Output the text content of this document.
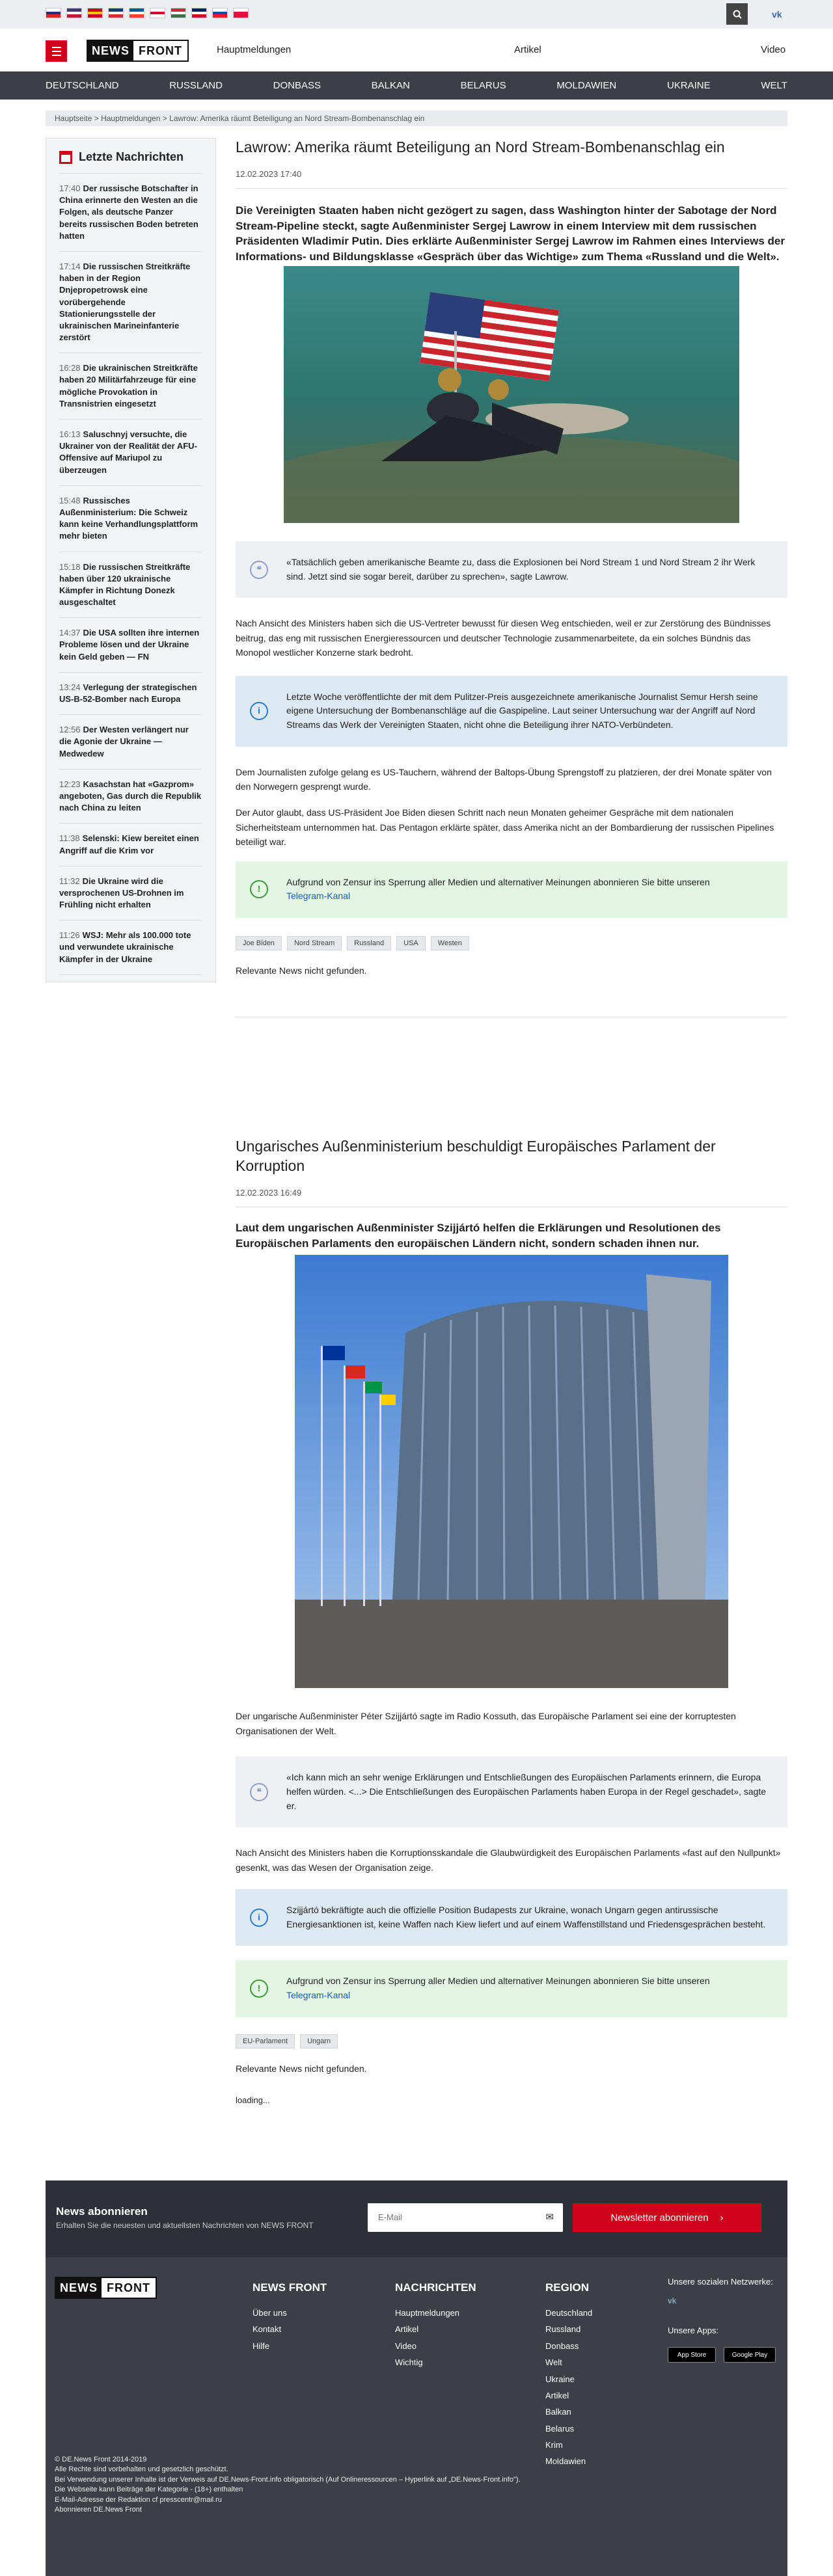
vk
NEWS FRONT	Hauptmeldungen	Artikel	Video
DEUTSCHLAND	RUSSLAND	DONBASS	BALKAN	BELARUS	MOLDAWIEN	UKRAINE	WELT
Hauptseite > Hauptmeldungen > Lawrow: Amerika räumt Beteiligung an Nord Stream-Bombenanschlag ein
Letzte Nachrichten
17:40 Der russische Botschafter in China erinnerte den Westen an die Folgen, als deutsche Panzer bereits russischen Boden betreten hatten
17:14 Die russischen Streitkräfte haben in der Region Dnjepropetrowsk eine vorübergehende Stationierungsstelle der ukrainischen Marineinfanterie zerstört
16:28 Die ukrainischen Streitkräfte haben 20 Militärfahrzeuge für eine mögliche Provokation in Transnistrien eingesetzt
16:13 Saluschnyj versuchte, die Ukrainer von der Realität der AFU-Offensive auf Mariupol zu überzeugen
15:48 Russisches Außenministerium: Die Schweiz kann keine Verhandlungsplattform mehr bieten
15:18 Die russischen Streitkräfte haben über 120 ukrainische Kämpfer in Richtung Donezk ausgeschaltet
14:37 Die USA sollten ihre internen Probleme lösen und der Ukraine kein Geld geben — FN
13:24 Verlegung der strategischen US-B-52-Bomber nach Europa
12:56 Der Westen verlängert nur die Agonie der Ukraine — Medwedew
12:23 Kasachstan hat «Gazprom» angeboten, Gas durch die Republik nach China zu leiten
11:38 Selenski: Kiew bereitet einen Angriff auf die Krim vor
11:32 Die Ukraine wird die versprochenen US-Drohnen im Frühling nicht erhalten
11:26 WSJ: Mehr als 100.000 tote und verwundete ukrainische Kämpfer in der Ukraine
Lawrow: Amerika räumt Beteiligung an Nord Stream-Bombenanschlag ein
12.02.2023 17:40

Die Vereinigten Staaten haben nicht gezögert zu sagen, dass Washington hinter der Sabotage der Nord Stream-Pipeline steckt, sagte Außenminister Sergej Lawrow in einem Interview mit dem russischen Präsidenten Wladimir Putin. Dies erklärte Außenminister Sergej Lawrow im Rahmen eines Interviews der Informations- und Bildungsklasse «Gespräch über das Wichtige» zum Thema «Russland und die Welt».

❝
«Tatsächlich geben amerikanische Beamte zu, dass die Explosionen bei Nord Stream 1 und Nord Stream 2 ihr Werk sind. Jetzt sind sie sogar bereit, darüber zu sprechen», sagte Lawrow.

Nach Ansicht des Ministers haben sich die US-Vertreter bewusst für diesen Weg entschieden, weil er zur Zerstörung des Bündnisses beitrug, das eng mit russischen Energieressourcen und deutscher Technologie zusammenarbeitete, da ein solches Bündnis das Monopol westlicher Konzerne stark bedroht.

i
Letzte Woche veröffentlichte der mit dem Pulitzer-Preis ausgezeichnete amerikanische Journalist Semur Hersh seine eigene Untersuchung der Bombenanschläge auf die Gaspipeline. Laut seiner Untersuchung war der Angriff auf Nord Streams das Werk der Vereinigten Staaten, nicht ohne die Beteiligung ihrer NATO-Verbündeten.

Dem Journalisten zufolge gelang es US-Tauchern, während der Baltops-Übung Sprengstoff zu platzieren, der drei Monate später von den Norwegern gesprengt wurde.

Der Autor glaubt, dass US-Präsident Joe Biden diesen Schritt nach neun Monaten geheimer Gespräche mit dem nationalen Sicherheitsteam unternommen hat. Das Pentagon erklärte später, dass Amerika nicht an der Bombardierung der russischen Pipelines beteiligt war.

!
Aufgrund von Zensur ins Sperrung aller Medien und alternativer Meinungen abonnieren Sie bitte unseren
Telegram-Kanal
Joe Biden	Nord Stream	Russland	USA	Westen

Relevante News nicht gefunden.

Ungarisches Außenministerium beschuldigt Europäisches Parlament der Korruption
12.02.2023 16:49

Laut dem ungarischen Außenminister Szijjártó helfen die Erklärungen und Resolutionen des Europäischen Parlaments den europäischen Ländern nicht, sondern schaden ihnen nur.

Der ungarische Außenminister Péter Szijjártó sagte im Radio Kossuth, das Europäische Parlament sei eine der korruptesten Organisationen der Welt.

❝
«Ich kann mich an sehr wenige Erklärungen und Entschließungen des Europäischen Parlaments erinnern, die Europa helfen würden. <...> Die Entschließungen des Europäischen Parlaments haben Europa in der Regel geschadet», sagte er.

Nach Ansicht des Ministers haben die Korruptionsskandale die Glaubwürdigkeit des Europäischen Parlaments «fast auf den Nullpunkt» gesenkt, was das Wesen der Organisation zeige.

i
Szijjártó bekräftigte auch die offizielle Position Budapests zur Ukraine, wonach Ungarn gegen antirussische Energiesanktionen ist, keine Waffen nach Kiew liefert und auf einem Waffenstillstand und Friedensgesprächen besteht.
!
Aufgrund von Zensur ins Sperrung aller Medien und alternativer Meinungen abonnieren Sie bitte unseren
Telegram-Kanal
EU-Parlament	Ungarn

Relevante News nicht gefunden.

loading...

News abonnieren
Erhalten Sie die neuesten und aktuellsten Nachrichten von NEWS FRONT
E-Mail
✉	Newsletter abonnieren ›
NEWS FRONT	NEWS FRONT
Über uns
Kontakt
Hilfe
NACHRICHTEN
Hauptmeldungen
Artikel
Video
Wichtig
REGION
Deutschland
Russland
Donbass
Welt
Ukraine
Artikel
Balkan
Belarus
Krim
Moldawien
Unsere sozialen Netzwerke:
vk
Unsere Apps:
App Store	Google Play
© DE.News Front 2014-2019
Alle Rechte sind vorbehalten und gesetzlich geschützt.
Bei Verwendung unserer Inhalte ist der Verweis auf DE.News-Front.info obligatorisch (Auf Onlineressourcen – Hyperlink auf „DE.News-Front.info").
Die Webseite kann Beiträge der Kategorie - (18+) enthalten
E-Mail-Adresse der Redaktion cf presscentr@mail.ru
Abonnieren DE.News Front
